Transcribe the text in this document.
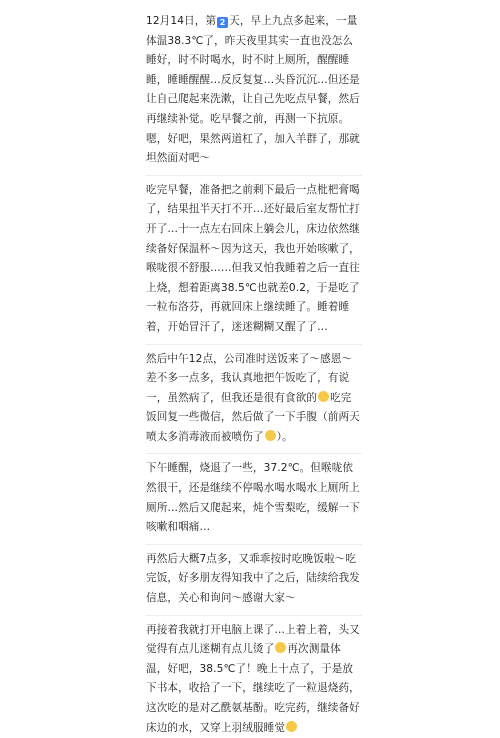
12月14日，第 2 天，早上九点多起来，一量体温38.3℃了，昨天夜里其实一直也没怎么睡好，时不时喝水，时不时上厕所，醒醒睡睡，睡睡醒醒…反反复复…头昏沉沉…但还是让自己爬起来洗漱，让自己先吃点早餐，然后再继续补觉。吃早餐之前，再测一下抗原。嗯，好吧，果然两道杠了，加入羊群了，那就坦然面对吧～
吃完早餐，准备把之前剩下最后一点枇杷膏喝了，结果扭半天打不开…还好最后室友帮忙打开了…十一点左右回床上躺会儿，床边依然继续备好保温杯～因为这天，我也开始咳嗽了，喉咙很不舒服……但我又怕我睡着之后一直往上烧，想着距离38.5℃也就差0.2，于是吃了一粒布洛芬，再就回床上继续睡了。睡着睡着，开始冒汗了，迷迷糊糊又醒了了…
然后中午12点，公司准时送饭来了～感恩～差不多一点多，我认真地把午饭吃了，有说一，虽然病了，但我还是很有食欲的 吃完饭回复一些微信，然后做了一下手腹（前两天喷太多消毒液而被喷伤了 ）。
下午睡醒，烧退了一些，37.2℃。但喉咙依然很干，还是继续不停喝水喝水喝水上厕所上厕所…然后又爬起来，炖个雪梨吃，缓解一下咳嗽和咽痛…
再然后大概7点多，又乖乖按时吃晚饭啦～吃完饭，好多朋友得知我中了之后，陆续给我发信息，关心和询问～感谢大家～
再接着我就打开电脑上课了…上着上着，头又觉得有点儿迷糊有点儿烫了 再次测量体温，好吧，38.5℃了！晚上十点了，于是放下书本，收拾了一下，继续吃了一粒退烧药，这次吃的是对乙酰氨基酚。吃完药，继续备好床边的水，又穿上羽绒服睡觉
